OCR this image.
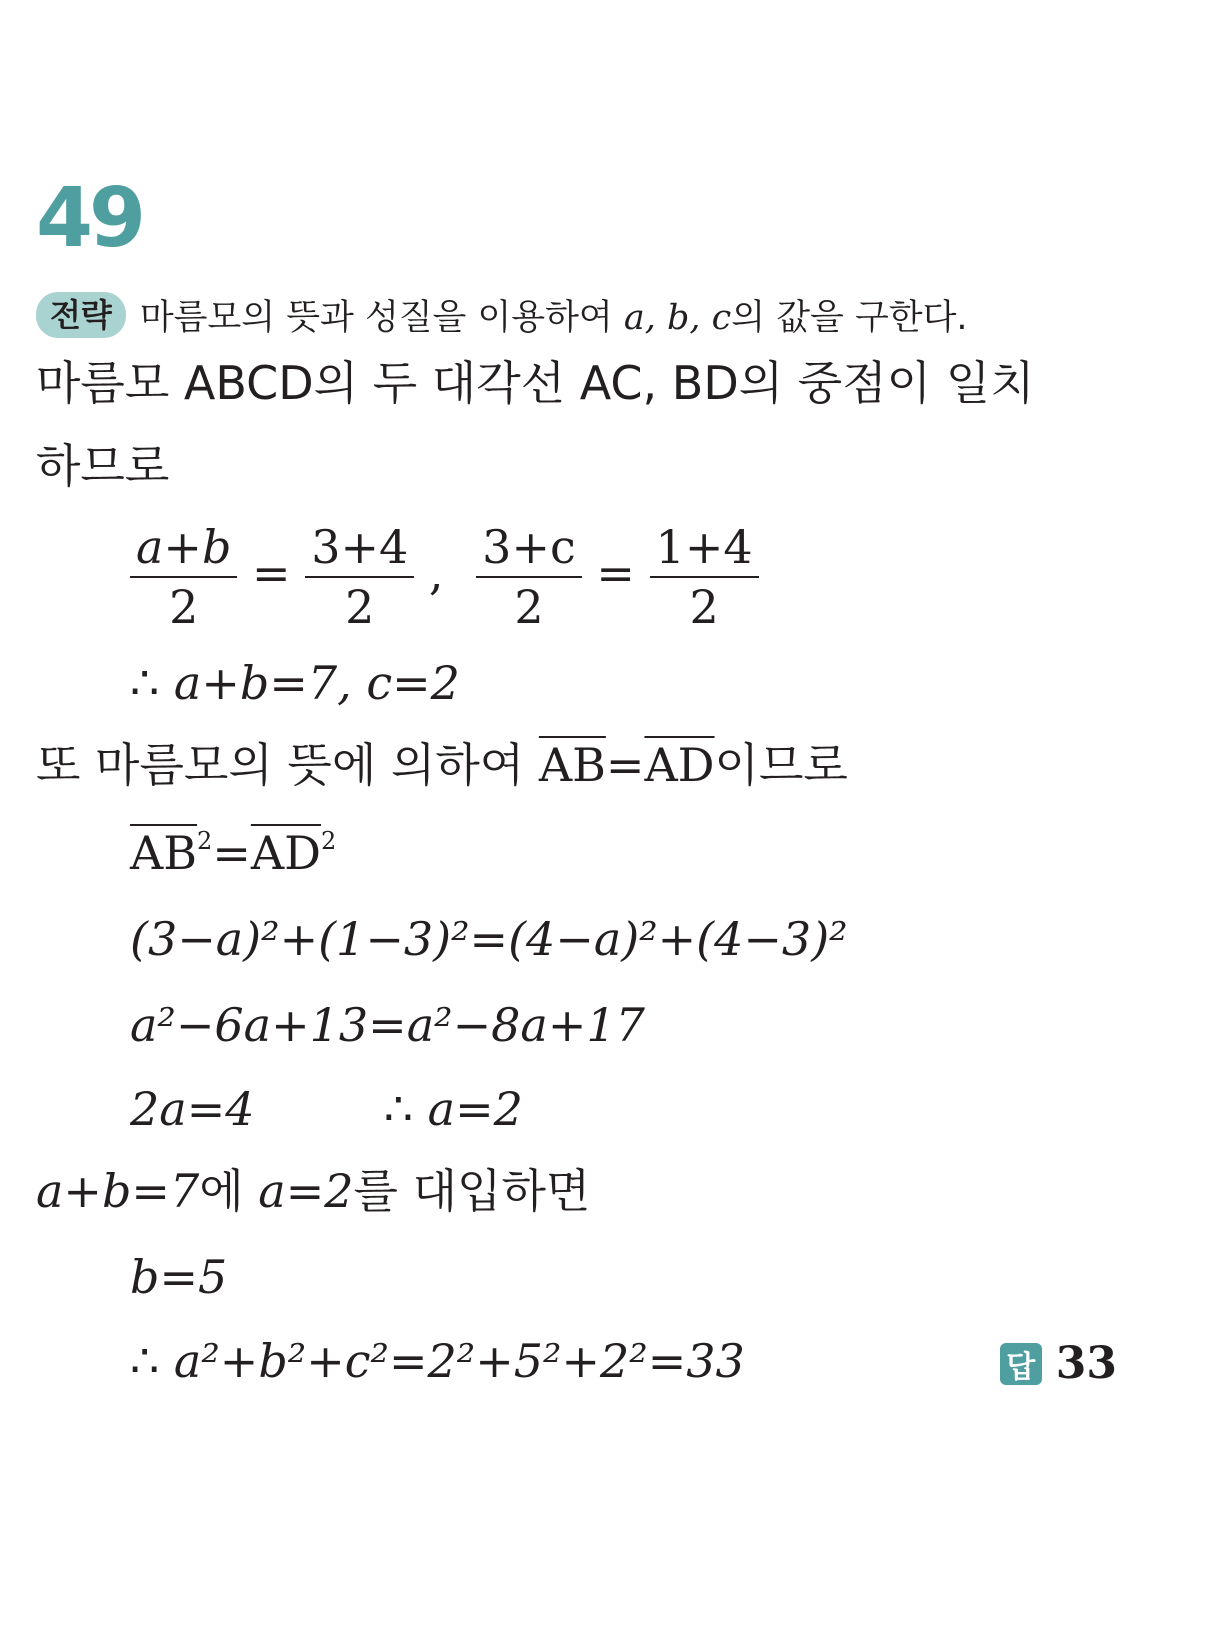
49
전략 마름모의 뜻과 성질을 이용하여 a, b, c의 값을 구한다.
마름모 ABCD의 두 대각선 AC, BD의 중점이 일치
하므로
$\frac{a+b}{2} = \frac{3+4}{2}$ , $\frac{3+c}{2} = \frac{1+4}{2}$
∴ a+b=7, c=2
또 마름모의 뜻에 의하여 $\overline{AB}=\overline{AD}$이므로
$\overline{AB}^2=\overline{AD}^2$
(3−a)²+(1−3)²=(4−a)²+(4−3)²
a²−6a+13=a²−8a+17
2a=4	∴ a=2
a+b=7에 a=2를 대입하면
b=5
∴ a²+b²+c²=2²+5²+2²=33	답 33
